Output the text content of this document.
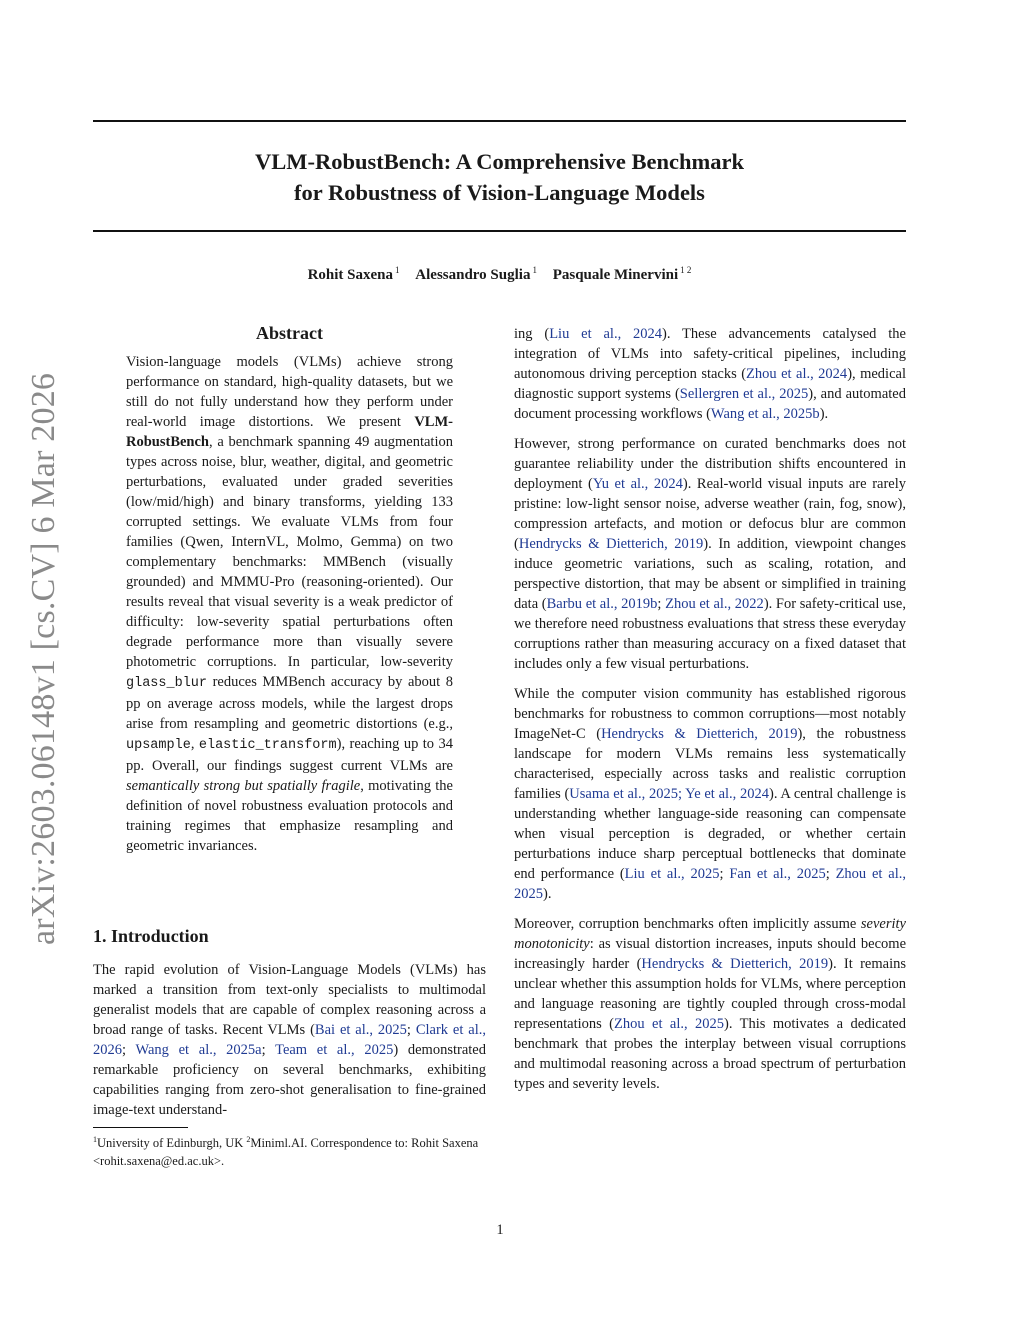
arXiv:2603.06148v1 [cs.CV] 6 Mar 2026
VLM-RobustBench: A Comprehensive Benchmark
for Robustness of Vision-Language Models
Rohit Saxena $^1$ Alessandro Suglia $^1$ Pasquale Minervini $^{1 2}$
Abstract

Vision-language models (VLMs) achieve strong performance on standard, high-quality datasets, but we still do not fully understand how they perform under real-world image distortions. We present VLM-RobustBench, a benchmark spanning 49 augmentation types across noise, blur, weather, digital, and geometric perturbations, evaluated under graded severities (low/mid/high) and binary transforms, yielding 133 corrupted settings. We evaluate VLMs from four families (Qwen, InternVL, Molmo, Gemma) on two complementary benchmarks: MMBench (visually grounded) and MMMU-Pro (reasoning-oriented). Our results reveal that visual severity is a weak predictor of difficulty: low-severity spatial perturbations often degrade performance more than visually severe photometric corruptions. In particular, low-severity glass_blur reduces MMBench accuracy by about 8 pp on average across models, while the largest drops arise from resampling and geometric distortions (e.g., upsample, elastic_transform), reaching up to 34 pp. Overall, our findings suggest current VLMs are semantically strong but spatially fragile, motivating the definition of novel robustness evaluation protocols and training regimes that emphasize resampling and geometric invariances.

1. Introduction

The rapid evolution of Vision-Language Models (VLMs) has marked a transition from text-only specialists to multimodal generalist models that are capable of complex reasoning across a broad range of tasks. Recent VLMs (Bai et al., 2025; Clark et al., 2026; Wang et al., 2025a; Team et al., 2025) demonstrated remarkable proficiency on several benchmarks, exhibiting capabilities ranging from zero-shot generalisation to fine-grained image-text understand-

$^1$University of Edinburgh, UK $^2$Miniml.AI. Correspondence to: Rohit Saxena <rohit.saxena@ed.ac.uk>.

ing (Liu et al., 2024). These advancements catalysed the integration of VLMs into safety-critical pipelines, including autonomous driving perception stacks (Zhou et al., 2024), medical diagnostic support systems (Sellergren et al., 2025), and automated document processing workflows (Wang et al., 2025b).

However, strong performance on curated benchmarks does not guarantee reliability under the distribution shifts encountered in deployment (Yu et al., 2024). Real-world visual inputs are rarely pristine: low-light sensor noise, adverse weather (rain, fog, snow), compression artefacts, and motion or defocus blur are common (Hendrycks & Dietterich, 2019). In addition, viewpoint changes induce geometric variations, such as scaling, rotation, and perspective distortion, that may be absent or simplified in training data (Barbu et al., 2019b; Zhou et al., 2022). For safety-critical use, we therefore need robustness evaluations that stress these everyday corruptions rather than measuring accuracy on a fixed dataset that includes only a few visual perturbations.

While the computer vision community has established rigorous benchmarks for robustness to common corruptions—most notably ImageNet-C (Hendrycks & Dietterich, 2019), the robustness landscape for modern VLMs remains less systematically characterised, especially across tasks and realistic corruption families (Usama et al., 2025; Ye et al., 2024). A central challenge is understanding whether language-side reasoning can compensate when visual perception is degraded, or whether certain perturbations induce sharp perceptual bottlenecks that dominate end performance (Liu et al., 2025; Fan et al., 2025; Zhou et al., 2025).

Moreover, corruption benchmarks often implicitly assume severity monotonicity: as visual distortion increases, inputs should become increasingly harder (Hendrycks & Dietterich, 2019). It remains unclear whether this assumption holds for VLMs, where perception and language reasoning are tightly coupled through cross-modal representations (Zhou et al., 2025). This motivates a dedicated benchmark that probes the interplay between visual corruptions and multimodal reasoning across a broad spectrum of perturbation types and severity levels.

1
